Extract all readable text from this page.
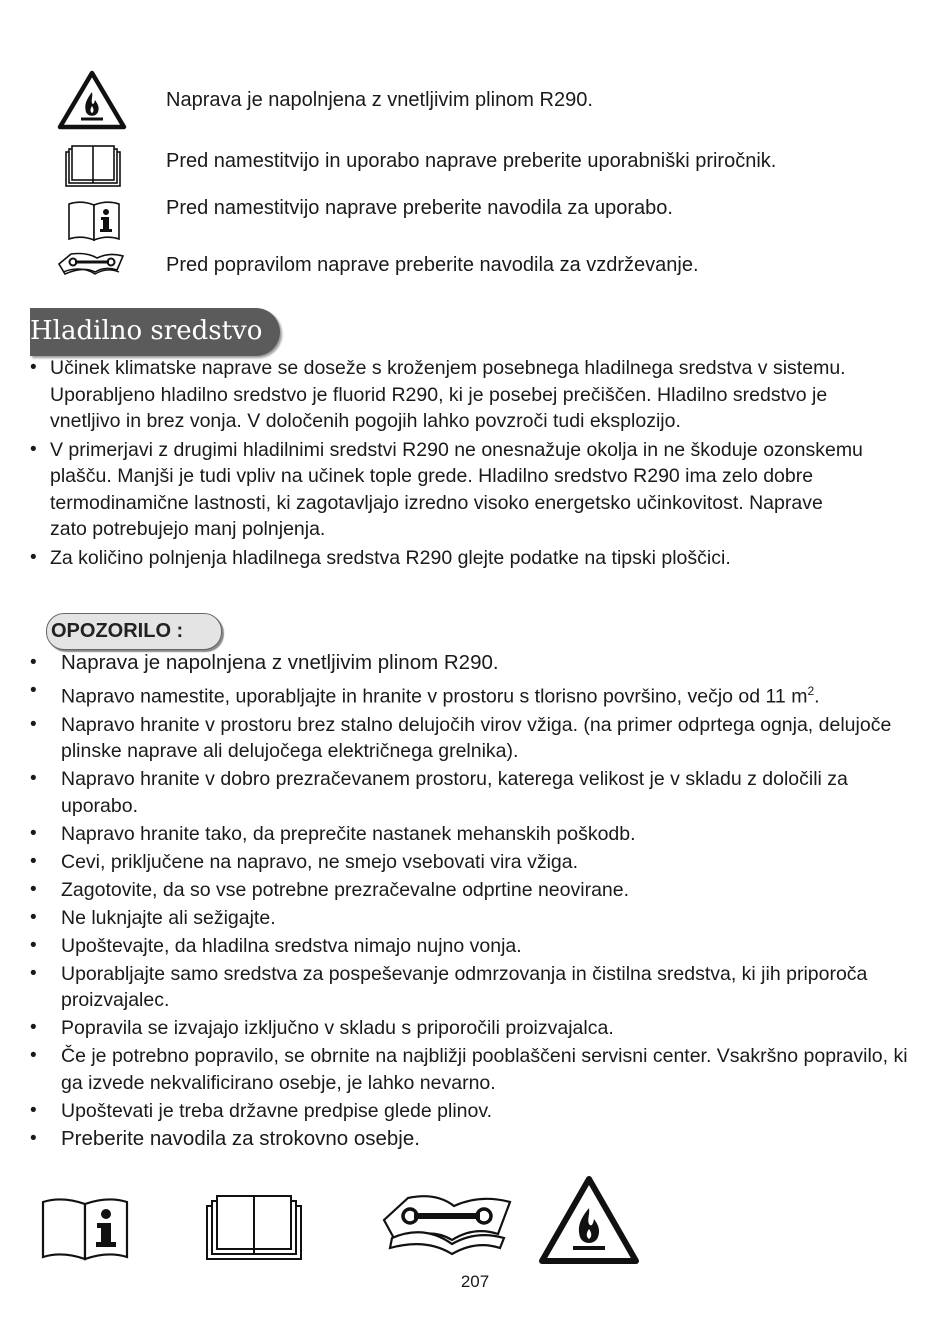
Naprava je napolnjena z vnetljivim plinom R290.
Pred namestitvijo in uporabo naprave preberite uporabniški priročnik.
Pred namestitvijo naprave preberite navodila za uporabo.
Pred popravilom naprave preberite navodila za vzdrževanje.
Hladilno sredstvo
• Učinek klimatske naprave se doseže s kroženjem posebnega hladilnega sredstva v sistemu. Uporabljeno hladilno sredstvo je fluorid R290, ki je posebej prečiščen. Hladilno sredstvo je vnetljivo in brez vonja. V določenih pogojih lahko povzroči tudi eksplozijo.
• V primerjavi z drugimi hladilnimi sredstvi R290 ne onesnažuje okolja in ne škoduje ozonskemu plašču. Manjši je tudi vpliv na učinek tople grede. Hladilno sredstvo R290 ima zelo dobre termodinamične lastnosti, ki zagotavljajo izredno visoko energetsko učinkovitost. Naprave zato potrebujejo manj polnjenja.
• Za količino polnjenja hladilnega sredstva R290 glejte podatke na tipski ploščici.
OPOZORILO :
• Naprava je napolnjena z vnetljivim plinom R290.
• Napravo namestite, uporabljajte in hranite v prostoru s tlorisno površino, večjo od 11 $m^2$.
• Napravo hranite v prostoru brez stalno delujočih virov vžiga. (na primer odprtega ognja, delujoče plinske naprave ali delujočega električnega grelnika).
• Napravo hranite v dobro prezračevanem prostoru, katerega velikost je v skladu z določili za uporabo.
• Napravo hranite tako, da preprečite nastanek mehanskih poškodb.
• Cevi, priključene na napravo, ne smejo vsebovati vira vžiga.
• Zagotovite, da so vse potrebne prezračevalne odprtine neovirane.
• Ne luknjajte ali sežigajte.
• Upoštevajte, da hladilna sredstva nimajo nujno vonja.
• Uporabljajte samo sredstva za pospeševanje odmrzovanja in čistilna sredstva, ki jih priporoča proizvajalec.
• Popravila se izvajajo izključno v skladu s priporočili proizvajalca.
• Če je potrebno popravilo, se obrnite na najbližji pooblaščeni servisni center. Vsakršno popravilo, ki ga izvede nekvalificirano osebje, je lahko nevarno.
• Upoštevati je treba državne predpise glede plinov.
• Preberite navodila za strokovno osebje.
207
